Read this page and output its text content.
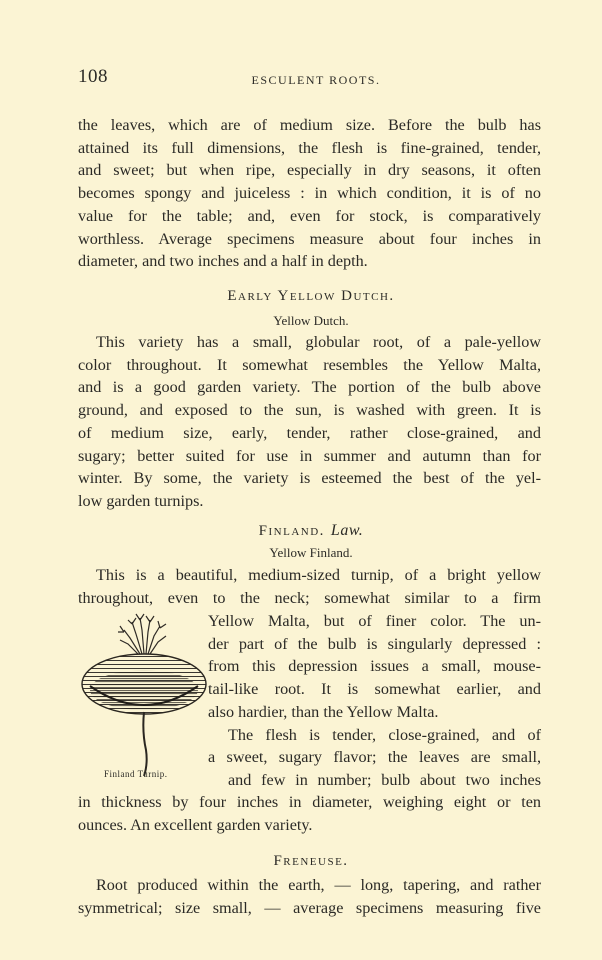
108	ESCULENT ROOTS.
the leaves, which are of medium size. Before the bulb has
attained its full dimensions, the flesh is fine-grained, tender,
and sweet; but when ripe, especially in dry seasons, it often
becomes spongy and juiceless : in which condition, it is of no
value for the table; and, even for stock, is comparatively
worthless. Average specimens measure about four inches in
diameter, and two inches and a half in depth.
Early Yellow Dutch.
Yellow Dutch.
This variety has a small, globular root, of a pale-yellow
color throughout. It somewhat resembles the Yellow Malta,
and is a good garden variety. The portion of the bulb above
ground, and exposed to the sun, is washed with green. It is
of medium size, early, tender, rather close-grained, and
sugary; better suited for use in summer and autumn than for
winter. By some, the variety is esteemed the best of the yel-
low garden turnips.
Finland. Law.
Yellow Finland.
This is a beautiful, medium-sized turnip, of a bright yellow
throughout, even to the neck; somewhat similar to a firm
Yellow Malta, but of finer color. The un-
der part of the bulb is singularly depressed :
from this depression issues a small, mouse-
tail-like root. It is somewhat earlier, and
also hardier, than the Yellow Malta.
The flesh is tender, close-grained, and of
a sweet, sugary flavor; the leaves are small,
and few in number; bulb about two inches
in thickness by four inches in diameter, weighing eight or ten
ounces. An excellent garden variety.
Finland Turnip.
Freneuse.
Root produced within the earth, — long, tapering, and rather
symmetrical; size small, — average specimens measuring five
